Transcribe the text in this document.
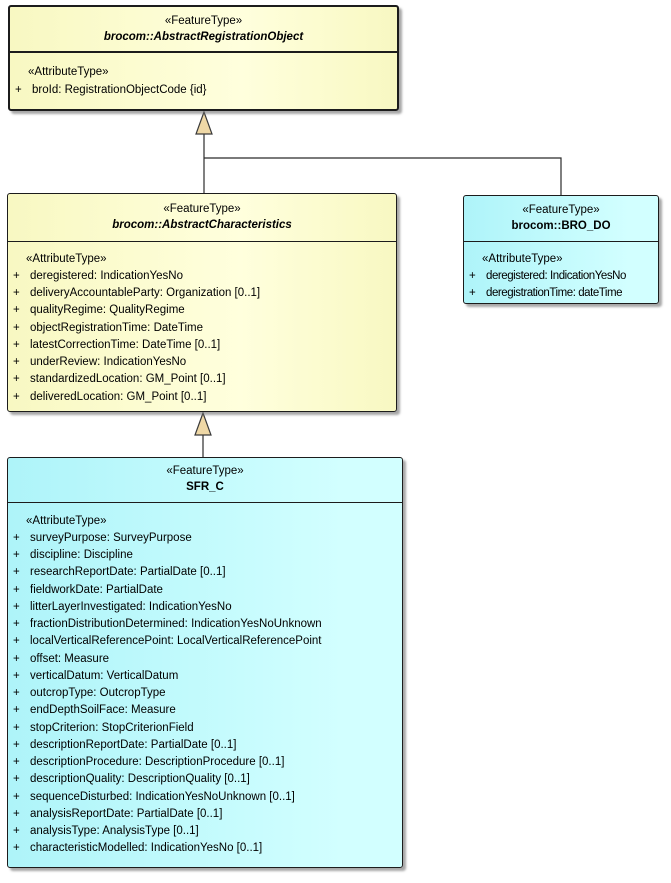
«FeatureType»
brocom::AbstractRegistrationObject
«AttributeType»
+ broId: RegistrationObjectCode {id}
«FeatureType»
brocom::AbstractCharacteristics
«AttributeType»
+ deregistered: IndicationYesNo
+ deliveryAccountableParty: Organization [0..1]
+ qualityRegime: QualityRegime
+ objectRegistrationTime: DateTime
+ latestCorrectionTime: DateTime [0..1]
+ underReview: IndicationYesNo
+ standardizedLocation: GM_Point [0..1]
+ deliveredLocation: GM_Point [0..1]
«FeatureType»
brocom::BRO_DO
«AttributeType»
+ deregistered: IndicationYesNo
+ deregistrationTime: dateTime
«FeatureType»
SFR_C
«AttributeType»
+ surveyPurpose: SurveyPurpose
+ discipline: Discipline
+ researchReportDate: PartialDate [0..1]
+ fieldworkDate: PartialDate
+ litterLayerInvestigated: IndicationYesNo
+ fractionDistributionDetermined: IndicationYesNoUnknown
+ localVerticalReferencePoint: LocalVerticalReferencePoint
+ offset: Measure
+ verticalDatum: VerticalDatum
+ outcropType: OutcropType
+ endDepthSoilFace: Measure
+ stopCriterion: StopCriterionField
+ descriptionReportDate: PartialDate [0..1]
+ descriptionProcedure: DescriptionProcedure [0..1]
+ descriptionQuality: DescriptionQuality [0..1]
+ sequenceDisturbed: IndicationYesNoUnknown [0..1]
+ analysisReportDate: PartialDate [0..1]
+ analysisType: AnalysisType [0..1]
+ characteristicModelled: IndicationYesNo [0..1]
